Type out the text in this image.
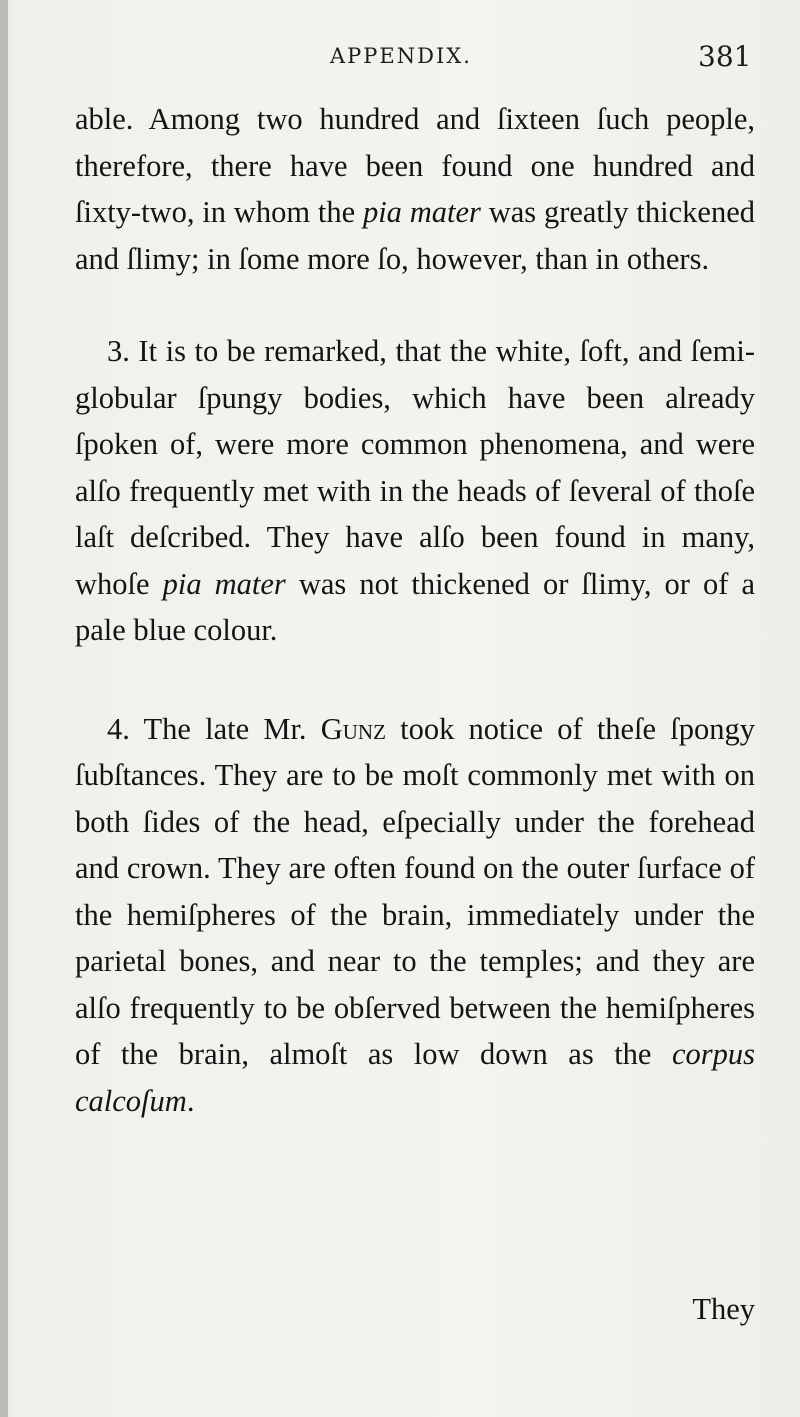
APPENDIX.	381

able. Among two hundred and ſixteen ſuch people, therefore, there have been found one hundred and ſixty-two, in whom the pia mater was greatly thickened and ſlimy; in ſome more ſo, however, than in others.

3. It is to be remarked, that the white, ſoft, and ſemi-globular ſpungy bodies, which have been already ſpoken of, were more common phenomena, and were alſo frequently met with in the heads of ſeveral of thoſe laſt deſcribed. They have alſo been found in many, whoſe pia mater was not thickened or ſlimy, or of a pale blue colour.

4. The late Mr. Gunz took notice of theſe ſpongy ſubſtances. They are to be moſt commonly met with on both ſides of the head, eſpecially under the forehead and crown. They are often found on the outer ſurface of the hemiſpheres of the brain, immediately under the parietal bones, and near to the temples; and they are alſo frequently to be obſerved between the hemiſpheres of the brain, almoſt as low down as the corpus calcoſum.

They
